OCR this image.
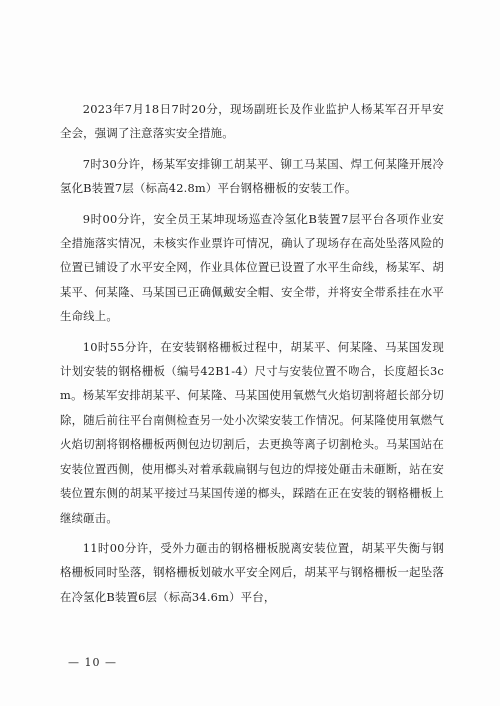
2023年7月18日7时20分，现场副班长及作业监护人杨某军召开早安全会，强调了注意落实安全措施。

7时30分许，杨某军安排铆工胡某平、铆工马某国、焊工何某隆开展冷氢化B装置7层（标高42.8m）平台钢格栅板的安装工作。

9时00分许，安全员王某坤现场巡查冷氢化B装置7层平台各项作业安全措施落实情况，未核实作业票许可情况，确认了现场存在高处坠落风险的位置已铺设了水平安全网，作业具体位置已设置了水平生命线，杨某军、胡某平、何某隆、马某国已正确佩戴安全帽、安全带，并将安全带系挂在水平生命线上。

10时55分许，在安装钢格栅板过程中，胡某平、何某隆、马某国发现计划安装的钢格栅板（编号42B1-4）尺寸与安装位置不吻合，长度超长3cm。杨某军安排胡某平、何某隆、马某国使用氧燃气火焰切割将超长部分切除，随后前往平台南侧检查另一处小次梁安装工作情况。何某隆使用氧燃气火焰切割将钢格栅板两侧包边切割后，去更换等离子切割枪头。马某国站在安装位置西侧，使用榔头对着承载扁钢与包边的焊接处砸击未砸断，站在安装位置东侧的胡某平接过马某国传递的榔头，踩踏在正在安装的钢格栅板上继续砸击。

11时00分许，受外力砸击的钢格栅板脱离安装位置，胡某平失衡与钢格栅板同时坠落，钢格栅板划破水平安全网后，胡某平与钢格栅板一起坠落在冷氢化B装置6层（标高34.6m）平台，

— 10 —
